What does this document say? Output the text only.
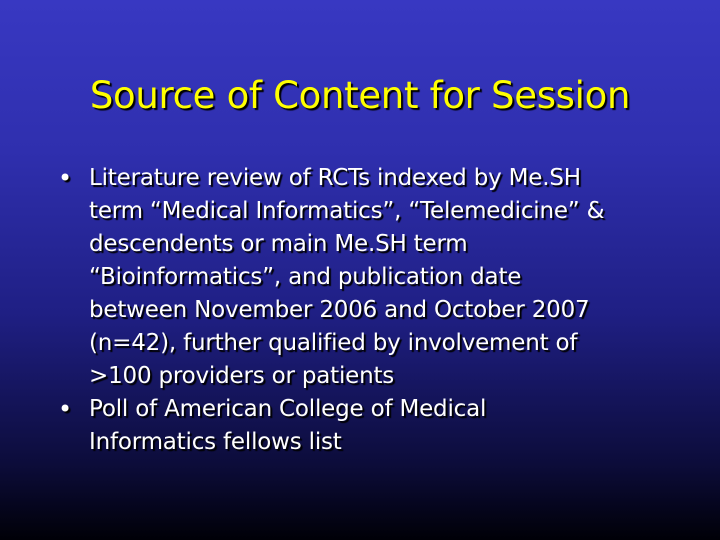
Source of Content for Session
• Literature review of RCTs indexed by Me.SH
term “Medical Informatics”, “Telemedicine” &
descendents or main Me.SH term
“Bioinformatics”, and publication date
between November 2006 and October 2007
(n=42), further qualified by involvement of
>100 providers or patients
• Poll of American College of Medical
Informatics fellows list
